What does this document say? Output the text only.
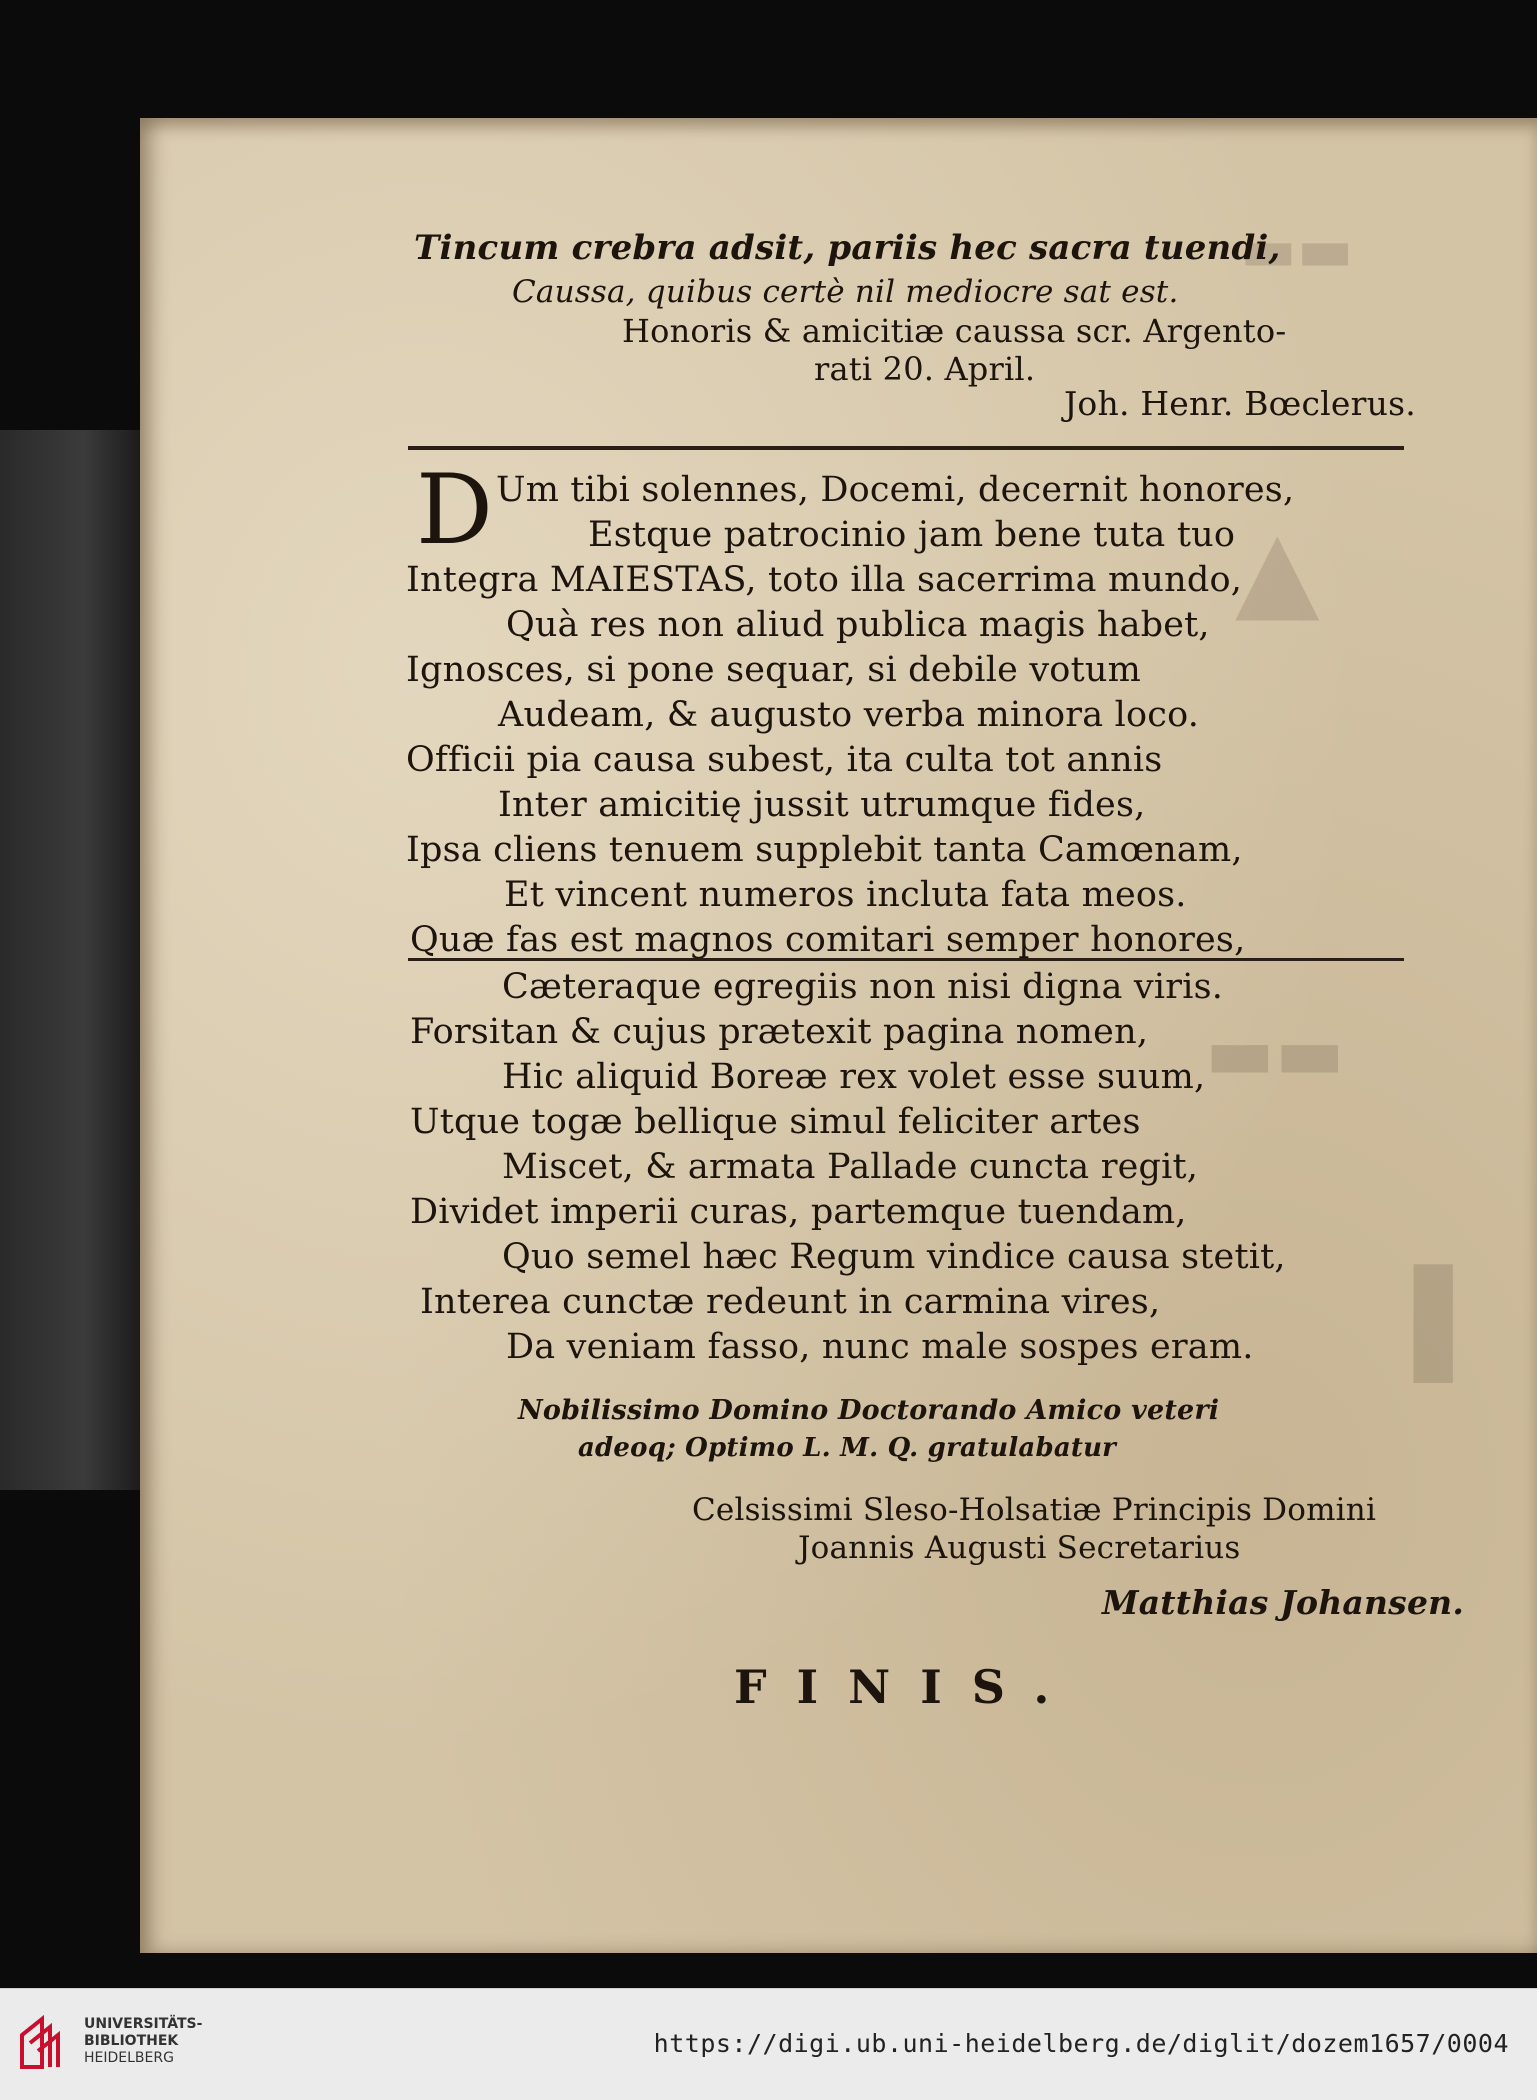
▬▬
▲
▬▬
▐
Tincum crebra adsit, pariis hec sacra tuendi,
Caussa, quibus certè nil mediocre sat est.
Honoris & amicitiæ caussa scr. Argento-
rati 20. April.
Joh. Henr. Bœclerus.
D Um tibi solennes, Docemi, decernit honores,
Estque patrocinio jam bene tuta tuo
Integra MAIESTAS, toto illa sacerrima mundo,
Quà res non aliud publica magis habet,
Ignosces, si pone sequar, si debile votum
Audeam, & augusto verba minora loco.
Officii pia causa subest, ita culta tot annis
Inter amicitię jussit utrumque fides,
Ipsa cliens tenuem supplebit tanta Camœnam,
Et vincent numeros incluta fata meos.
Quæ fas est magnos comitari semper honores,
Cæteraque egregiis non nisi digna viris.
Forsitan & cujus prætexit pagina nomen,
Hic aliquid Boreæ rex volet esse suum,
Utque togæ bellique simul feliciter artes
Miscet, & armata Pallade cuncta regit,
Dividet imperii curas, partemque tuendam,
Quo semel hæc Regum vindice causa stetit,
Interea cunctæ redeunt in carmina vires,
Da veniam fasso, nunc male sospes eram.
Nobilissimo Domino Doctorando Amico veteri
adeoq; Optimo L. M. Q. gratulabatur
Celsissimi Sleso-Holsatiæ Principis Domini
Joannis Augusti Secretarius
Matthias Johansen.
FINIS.
UNIVERSITÄTS-
BIBLIOTHEK
HEIDELBERG	https://digi.ub.uni-heidelberg.de/diglit/dozem1657/0004
